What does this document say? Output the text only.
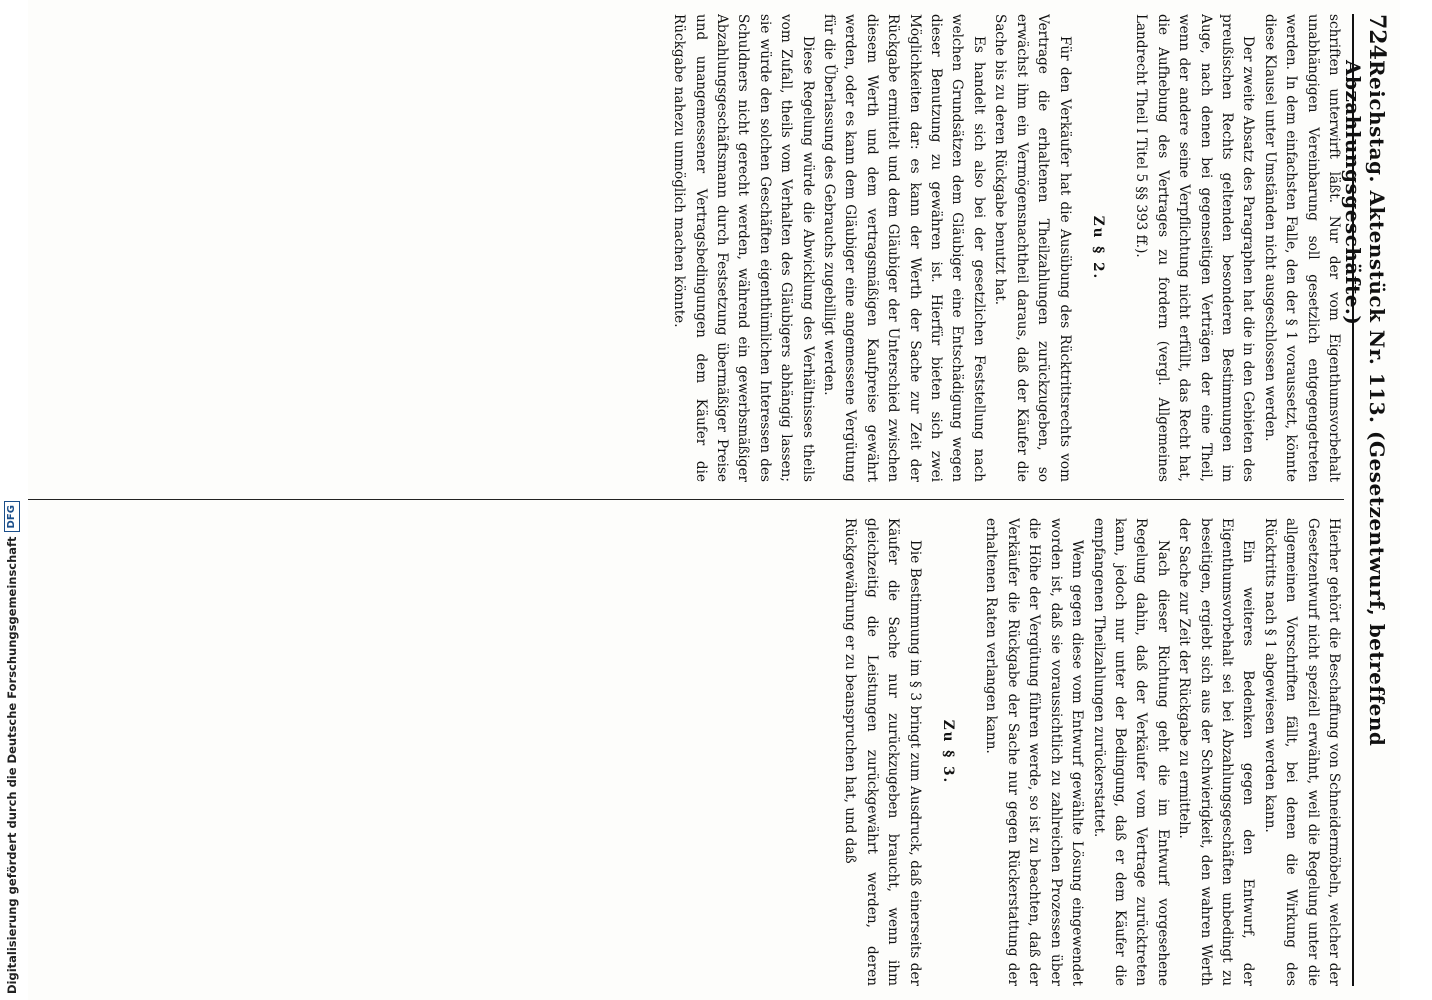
724
Reichstag. Aktenstück Nr. 113. (Gesetzentwurf, betreffend Abzahlungsgeschäfte.)

schriften unterwirft läßt. Nur der vom Eigenthumsvorbehalt unabhängigen Vereinbarung soll gesetzlich entgegengetreten werden. In dem einfachsten Falle, den der § 1 voraussetzt, könnte diese Klausel unter Umständen nicht ausgeschlossen werden.

Der zweite Absatz des Paragraphen hat die in den Gebieten des preußischen Rechts geltenden besonderen Bestimmungen im Auge, nach denen bei gegenseitigen Verträgen der eine Theil, wenn der andere seine Verpflichtung nicht erfüllt, das Recht hat, die Aufhebung des Vertrages zu fordern (vergl. Allgemeines Landrecht Theil I Titel 5 §§ 393 ff.).

Zu § 2.

Für den Verkäufer hat die Ausübung des Rücktrittsrechts vom Vertrage die erhaltenen Theilzahlungen zurückzugeben, so erwächst ihm ein Vermögensnachtheil daraus, daß der Käufer die Sache bis zu deren Rückgabe benutzt hat.

Es handelt sich also bei der gesetzlichen Feststellung nach welchen Grundsätzen dem Gläubiger eine Entschädigung wegen dieser Benutzung zu gewähren ist. Hierfür bieten sich zwei Möglichkeiten dar: es kann der Werth der Sache zur Zeit der Rückgabe ermittelt und dem Gläubiger der Unterschied zwischen diesem Werth und dem vertragsmäßigen Kaufpreise gewährt werden, oder es kann dem Gläubiger eine angemessene Vergütung für die Überlassung des Gebrauchs zugebilligt werden.

Diese Regelung würde die Abwicklung des Verhältnisses theils vom Zufall, theils vom Verhalten des Gläubigers abhängig lassen; sie würde den solchen Geschäften eigenthümlichen Interessen des Schuldners nicht gerecht werden, während ein gewerbsmäßiger Abzahlungsgeschäftsmann durch Festsetzung übermäßiger Preise und unangemessener Vertragsbedingungen dem Käufer die Rückgabe nahezu unmöglich machen könnte.

Hierher gehört die Beschaffung von Schneidermöbeln, welcher der Gesetzentwurf nicht speziell erwähnt, weil die Regelung unter die allgemeinen Vorschriften fällt, bei denen die Wirkung des Rücktritts nach § 1 abgewiesen werden kann.

Ein weiteres Bedenken gegen den Entwurf, der Eigenthumsvorbehalt sei bei Abzahlungsgeschäften unbedingt zu beseitigen, ergiebt sich aus der Schwierigkeit, den wahren Werth der Sache zur Zeit der Rückgabe zu ermitteln.

Nach dieser Richtung geht die im Entwurf vorgesehene Regelung dahin, daß der Verkäufer vom Vertrage zurücktreten kann, jedoch nur unter der Bedingung, daß er dem Käufer die empfangenen Theilzahlungen zurückerstattet.

Wenn gegen diese vom Entwurf gewählte Lösung eingewendet worden ist, daß sie voraussichtlich zu zahlreichen Prozessen über die Höhe der Vergütung führen werde, so ist zu beachten, daß der Verkäufer die Rückgabe der Sache nur gegen Rückerstattung der erhaltenen Raten verlangen kann.

Zu § 3.

Die Bestimmung im § 3 bringt zum Ausdruck, daß einerseits der Käufer die Sache nur zurückzugeben braucht, wenn ihm gleichzeitig die Leistungen zurückgewährt werden, deren Rückgewährung er zu beanspruchen hat, und daß

Digitalisierung gefördert durch die Deutsche Forschungsgemeinschaft
DFG
